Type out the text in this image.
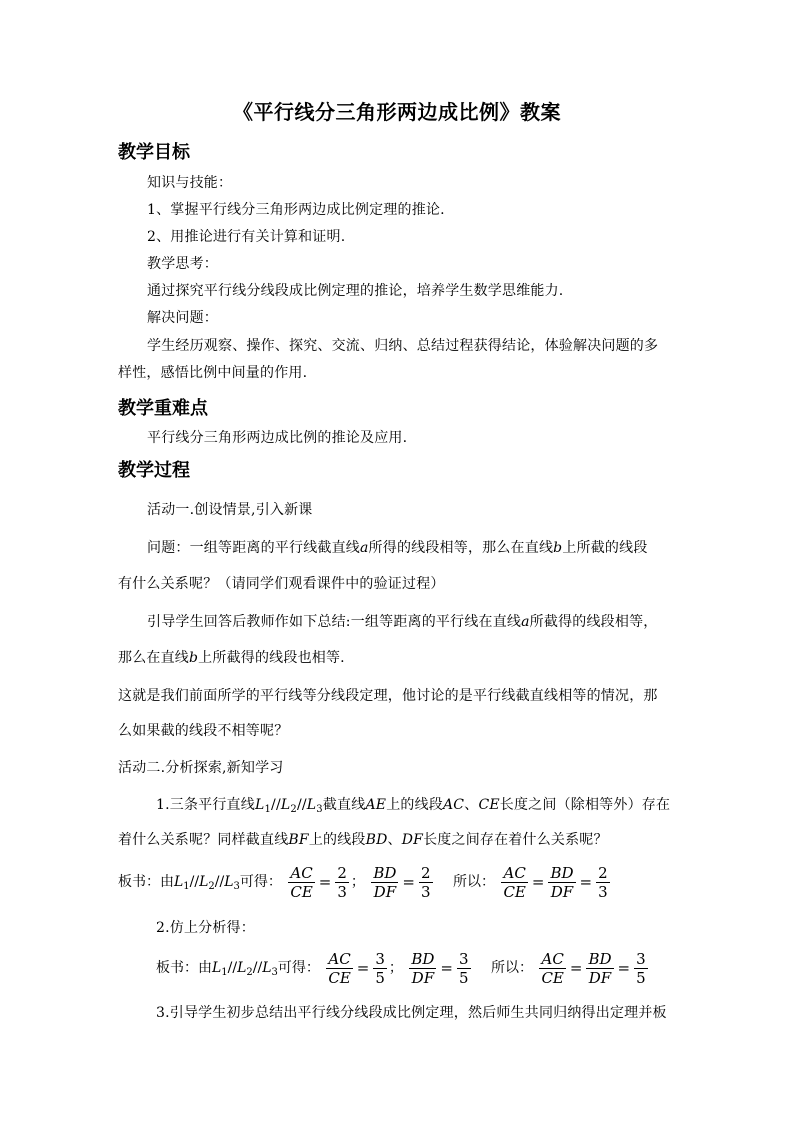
《平行线分三角形两边成比例》教案
教学目标
知识与技能：
1、掌握平行线分三角形两边成比例定理的推论.
2、用推论进行有关计算和证明.
教学思考：
通过探究平行线分线段成比例定理的推论，培养学生数学思维能力.
解决问题：
学生经历观察、操作、探究、交流、归纳、总结过程获得结论，体验解决问题的多
样性，感悟比例中间量的作用.
教学重难点
平行线分三角形两边成比例的推论及应用.
教学过程
活动一.创设情景,引入新课
问题：一组等距离的平行线截直线a所得的线段相等，那么在直线b上所截的线段
有什么关系呢？（请同学们观看课件中的验证过程）
引导学生回答后教师作如下总结:一组等距离的平行线在直线a所截得的线段相等，
那么在直线b上所截得的线段也相等.
这就是我们前面所学的平行线等分线段定理，他讨论的是平行线截直线相等的情况，那
么如果截的线段不相等呢？
活动二.分析探索,新知学习
1.三条平行直线$L_1//L_2//L_3$截直线AE上的线段AC、CE长度之间（除相等外）存在
着什么关系呢？同样截直线BF上的线段BD、DF长度之间存在着什么关系呢？
板书：由$L_1//L_2//L_3$可得： $\frac{AC}{CE} = \frac{2}{3}$ ； $\frac{BD}{DF} = \frac{2}{3}$ 所以： $\frac{AC}{CE} = \frac{BD}{DF} = \frac{2}{3}$
2.仿上分析得：
板书：由$L_1//L_2//L_3$可得： $\frac{AC}{CE} = \frac{3}{5}$ ； $\frac{BD}{DF} = \frac{3}{5}$ 所以： $\frac{AC}{CE} = \frac{BD}{DF} = \frac{3}{5}$
3.引导学生初步总结出平行线分线段成比例定理，然后师生共同归纳得出定理并板
